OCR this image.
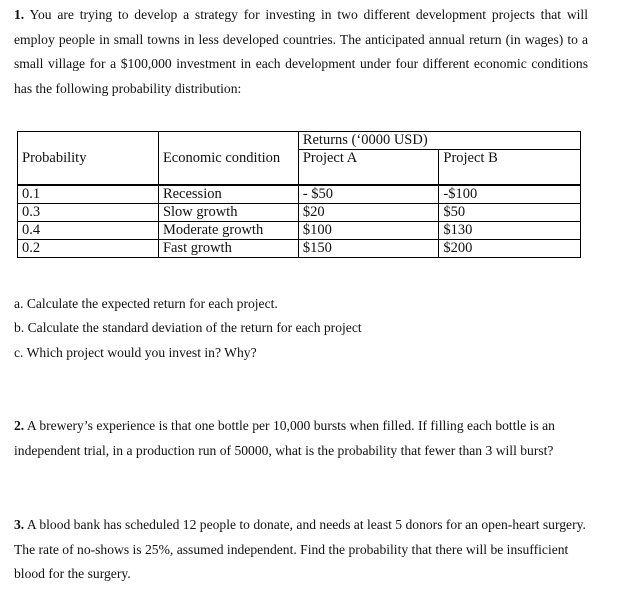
1. You are trying to develop a strategy for investing in two different development projects that will employ people in small towns in less developed countries. The anticipated annual return (in wages) to a small village for a $100,000 investment in each development under four different economic conditions has the following probability distribution:

Probability	Economic condition	Returns (‘0000 USD)	
		Project A	Project B
0.1	Recession	- $50	-$100
0.3	Slow growth	$20	$50
0.4	Moderate growth	$100	$130
0.2	Fast growth	$150	$200

a. Calculate the expected return for each project.

b. Calculate the standard deviation of the return for each project

c. Which project would you invest in? Why?

2. A brewery’s experience is that one bottle per 10,000 bursts when filled. If filling each bottle is an independent trial, in a production run of 50000, what is the probability that fewer than 3 will burst?

3. A blood bank has scheduled 12 people to donate, and needs at least 5 donors for an open-heart surgery. The rate of no-shows is 25%, assumed independent. Find the probability that there will be insufficient blood for the surgery.
